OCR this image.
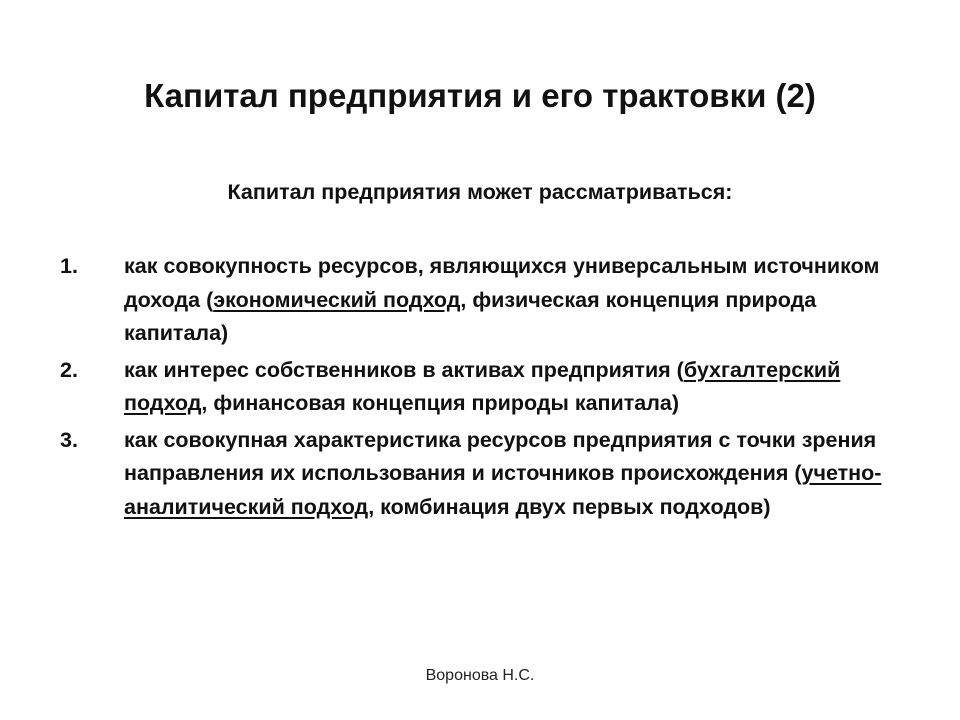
Капитал предприятия и его трактовки (2)
Капитал предприятия может рассматриваться:
1.	как совокупность ресурсов, являющихся универсальным источником дохода (экономический подход, физическая концепция природа капитала)
2.	как интерес собственников в активах предприятия (бухгалтерский подход, финансовая концепция природы капитала)
3.	как совокупная характеристика ресурсов предприятия с точки зрения направления их использования и источников происхождения (учетно-аналитический подход, комбинация двух первых подходов)
Воронова Н.С.
